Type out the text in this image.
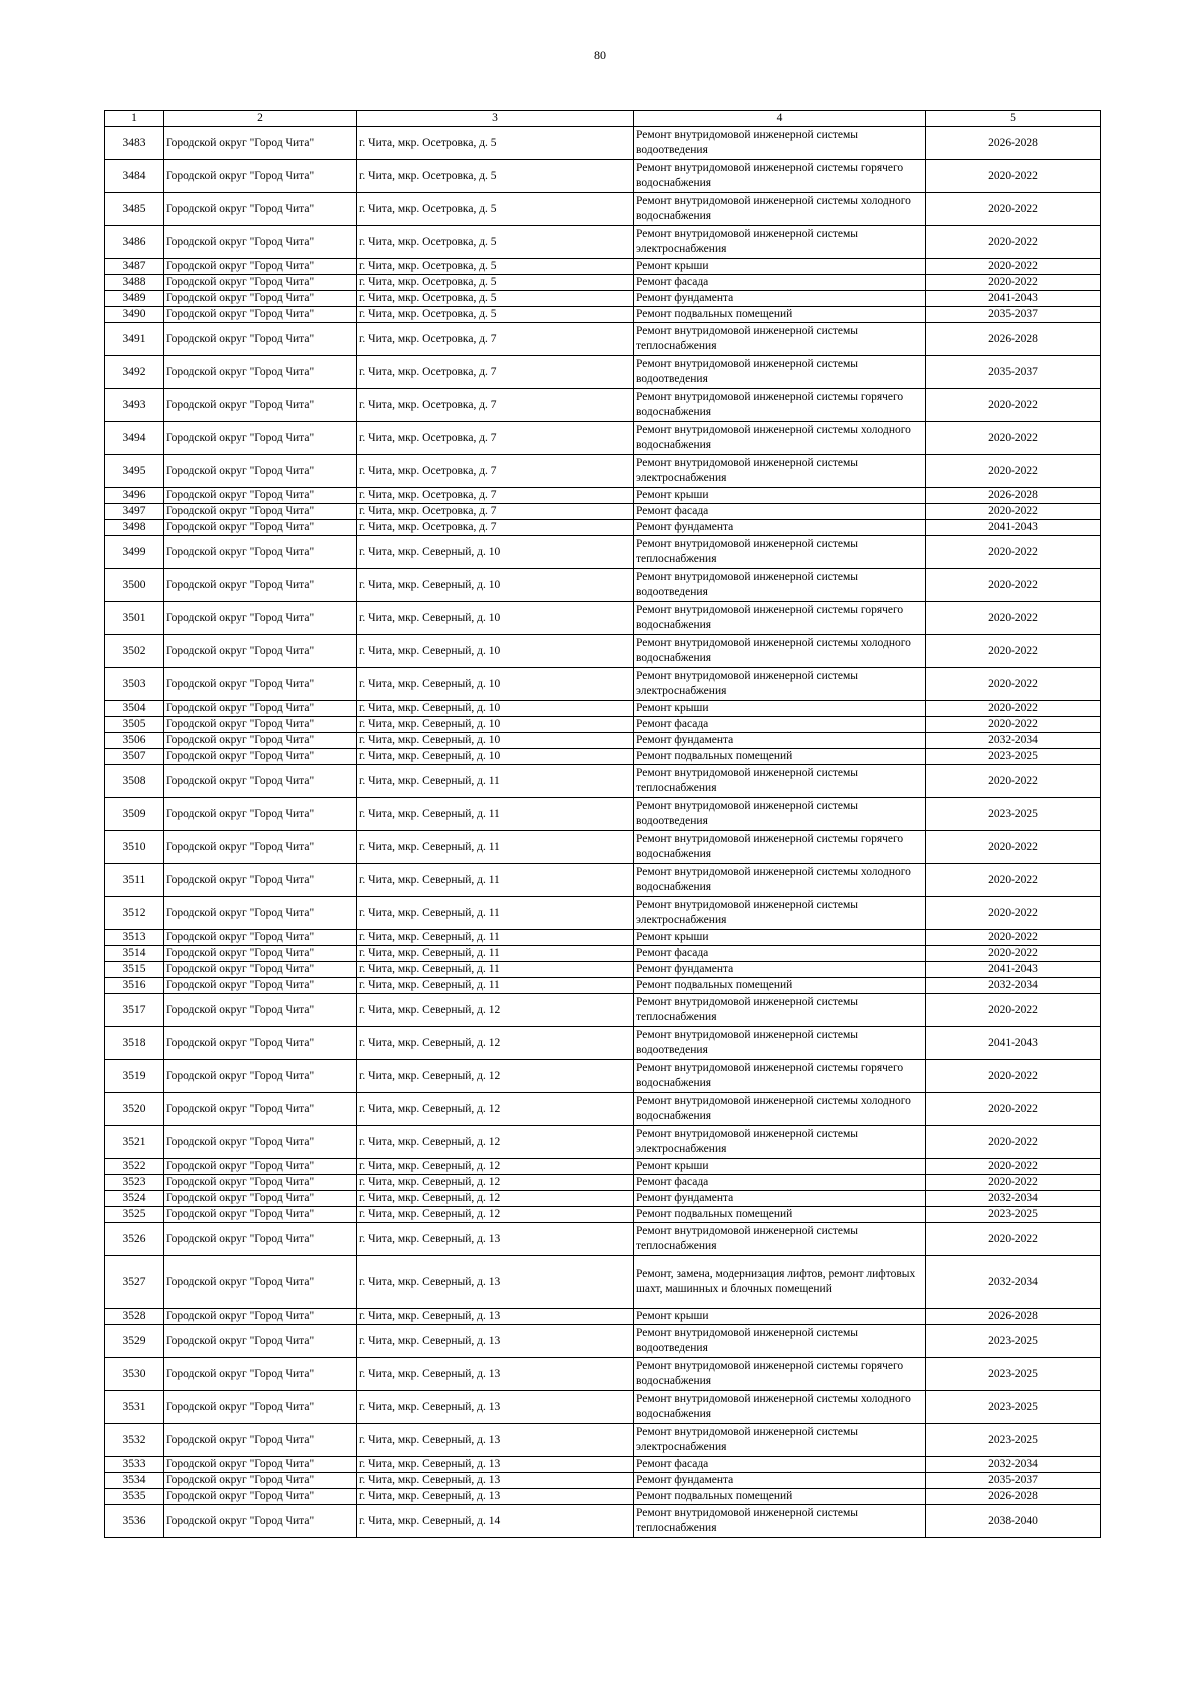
80
1	2	3	4	5
3483	Городской округ "Город Чита"	г. Чита, мкр. Осетровка, д. 5	Ремонт внутридомовой инженерной системы водоотведения	2026-2028
3484	Городской округ "Город Чита"	г. Чита, мкр. Осетровка, д. 5	Ремонт внутридомовой инженерной системы горячего водоснабжения	2020-2022
3485	Городской округ "Город Чита"	г. Чита, мкр. Осетровка, д. 5	Ремонт внутридомовой инженерной системы холодного водоснабжения	2020-2022
3486	Городской округ "Город Чита"	г. Чита, мкр. Осетровка, д. 5	Ремонт внутридомовой инженерной системы электроснабжения	2020-2022
3487	Городской округ "Город Чита"	г. Чита, мкр. Осетровка, д. 5	Ремонт крыши	2020-2022
3488	Городской округ "Город Чита"	г. Чита, мкр. Осетровка, д. 5	Ремонт фасада	2020-2022
3489	Городской округ "Город Чита"	г. Чита, мкр. Осетровка, д. 5	Ремонт фундамента	2041-2043
3490	Городской округ "Город Чита"	г. Чита, мкр. Осетровка, д. 5	Ремонт подвальных помещений	2035-2037
3491	Городской округ "Город Чита"	г. Чита, мкр. Осетровка, д. 7	Ремонт внутридомовой инженерной системы теплоснабжения	2026-2028
3492	Городской округ "Город Чита"	г. Чита, мкр. Осетровка, д. 7	Ремонт внутридомовой инженерной системы водоотведения	2035-2037
3493	Городской округ "Город Чита"	г. Чита, мкр. Осетровка, д. 7	Ремонт внутридомовой инженерной системы горячего водоснабжения	2020-2022
3494	Городской округ "Город Чита"	г. Чита, мкр. Осетровка, д. 7	Ремонт внутридомовой инженерной системы холодного водоснабжения	2020-2022
3495	Городской округ "Город Чита"	г. Чита, мкр. Осетровка, д. 7	Ремонт внутридомовой инженерной системы электроснабжения	2020-2022
3496	Городской округ "Город Чита"	г. Чита, мкр. Осетровка, д. 7	Ремонт крыши	2026-2028
3497	Городской округ "Город Чита"	г. Чита, мкр. Осетровка, д. 7	Ремонт фасада	2020-2022
3498	Городской округ "Город Чита"	г. Чита, мкр. Осетровка, д. 7	Ремонт фундамента	2041-2043
3499	Городской округ "Город Чита"	г. Чита, мкр. Северный, д. 10	Ремонт внутридомовой инженерной системы теплоснабжения	2020-2022
3500	Городской округ "Город Чита"	г. Чита, мкр. Северный, д. 10	Ремонт внутридомовой инженерной системы водоотведения	2020-2022
3501	Городской округ "Город Чита"	г. Чита, мкр. Северный, д. 10	Ремонт внутридомовой инженерной системы горячего водоснабжения	2020-2022
3502	Городской округ "Город Чита"	г. Чита, мкр. Северный, д. 10	Ремонт внутридомовой инженерной системы холодного водоснабжения	2020-2022
3503	Городской округ "Город Чита"	г. Чита, мкр. Северный, д. 10	Ремонт внутридомовой инженерной системы электроснабжения	2020-2022
3504	Городской округ "Город Чита"	г. Чита, мкр. Северный, д. 10	Ремонт крыши	2020-2022
3505	Городской округ "Город Чита"	г. Чита, мкр. Северный, д. 10	Ремонт фасада	2020-2022
3506	Городской округ "Город Чита"	г. Чита, мкр. Северный, д. 10	Ремонт фундамента	2032-2034
3507	Городской округ "Город Чита"	г. Чита, мкр. Северный, д. 10	Ремонт подвальных помещений	2023-2025
3508	Городской округ "Город Чита"	г. Чита, мкр. Северный, д. 11	Ремонт внутридомовой инженерной системы теплоснабжения	2020-2022
3509	Городской округ "Город Чита"	г. Чита, мкр. Северный, д. 11	Ремонт внутридомовой инженерной системы водоотведения	2023-2025
3510	Городской округ "Город Чита"	г. Чита, мкр. Северный, д. 11	Ремонт внутридомовой инженерной системы горячего водоснабжения	2020-2022
3511	Городской округ "Город Чита"	г. Чита, мкр. Северный, д. 11	Ремонт внутридомовой инженерной системы холодного водоснабжения	2020-2022
3512	Городской округ "Город Чита"	г. Чита, мкр. Северный, д. 11	Ремонт внутридомовой инженерной системы электроснабжения	2020-2022
3513	Городской округ "Город Чита"	г. Чита, мкр. Северный, д. 11	Ремонт крыши	2020-2022
3514	Городской округ "Город Чита"	г. Чита, мкр. Северный, д. 11	Ремонт фасада	2020-2022
3515	Городской округ "Город Чита"	г. Чита, мкр. Северный, д. 11	Ремонт фундамента	2041-2043
3516	Городской округ "Город Чита"	г. Чита, мкр. Северный, д. 11	Ремонт подвальных помещений	2032-2034
3517	Городской округ "Город Чита"	г. Чита, мкр. Северный, д. 12	Ремонт внутридомовой инженерной системы теплоснабжения	2020-2022
3518	Городской округ "Город Чита"	г. Чита, мкр. Северный, д. 12	Ремонт внутридомовой инженерной системы водоотведения	2041-2043
3519	Городской округ "Город Чита"	г. Чита, мкр. Северный, д. 12	Ремонт внутридомовой инженерной системы горячего водоснабжения	2020-2022
3520	Городской округ "Город Чита"	г. Чита, мкр. Северный, д. 12	Ремонт внутридомовой инженерной системы холодного водоснабжения	2020-2022
3521	Городской округ "Город Чита"	г. Чита, мкр. Северный, д. 12	Ремонт внутридомовой инженерной системы электроснабжения	2020-2022
3522	Городской округ "Город Чита"	г. Чита, мкр. Северный, д. 12	Ремонт крыши	2020-2022
3523	Городской округ "Город Чита"	г. Чита, мкр. Северный, д. 12	Ремонт фасада	2020-2022
3524	Городской округ "Город Чита"	г. Чита, мкр. Северный, д. 12	Ремонт фундамента	2032-2034
3525	Городской округ "Город Чита"	г. Чита, мкр. Северный, д. 12	Ремонт подвальных помещений	2023-2025
3526	Городской округ "Город Чита"	г. Чита, мкр. Северный, д. 13	Ремонт внутридомовой инженерной системы теплоснабжения	2020-2022
3527	Городской округ "Город Чита"	г. Чита, мкр. Северный, д. 13	Ремонт, замена, модернизация лифтов, ремонт лифтовых шахт, машинных и блочных помещений	2032-2034
3528	Городской округ "Город Чита"	г. Чита, мкр. Северный, д. 13	Ремонт крыши	2026-2028
3529	Городской округ "Город Чита"	г. Чита, мкр. Северный, д. 13	Ремонт внутридомовой инженерной системы водоотведения	2023-2025
3530	Городской округ "Город Чита"	г. Чита, мкр. Северный, д. 13	Ремонт внутридомовой инженерной системы горячего водоснабжения	2023-2025
3531	Городской округ "Город Чита"	г. Чита, мкр. Северный, д. 13	Ремонт внутридомовой инженерной системы холодного водоснабжения	2023-2025
3532	Городской округ "Город Чита"	г. Чита, мкр. Северный, д. 13	Ремонт внутридомовой инженерной системы электроснабжения	2023-2025
3533	Городской округ "Город Чита"	г. Чита, мкр. Северный, д. 13	Ремонт фасада	2032-2034
3534	Городской округ "Город Чита"	г. Чита, мкр. Северный, д. 13	Ремонт фундамента	2035-2037
3535	Городской округ "Город Чита"	г. Чита, мкр. Северный, д. 13	Ремонт подвальных помещений	2026-2028
3536	Городской округ "Город Чита"	г. Чита, мкр. Северный, д. 14	Ремонт внутридомовой инженерной системы теплоснабжения	2038-2040
